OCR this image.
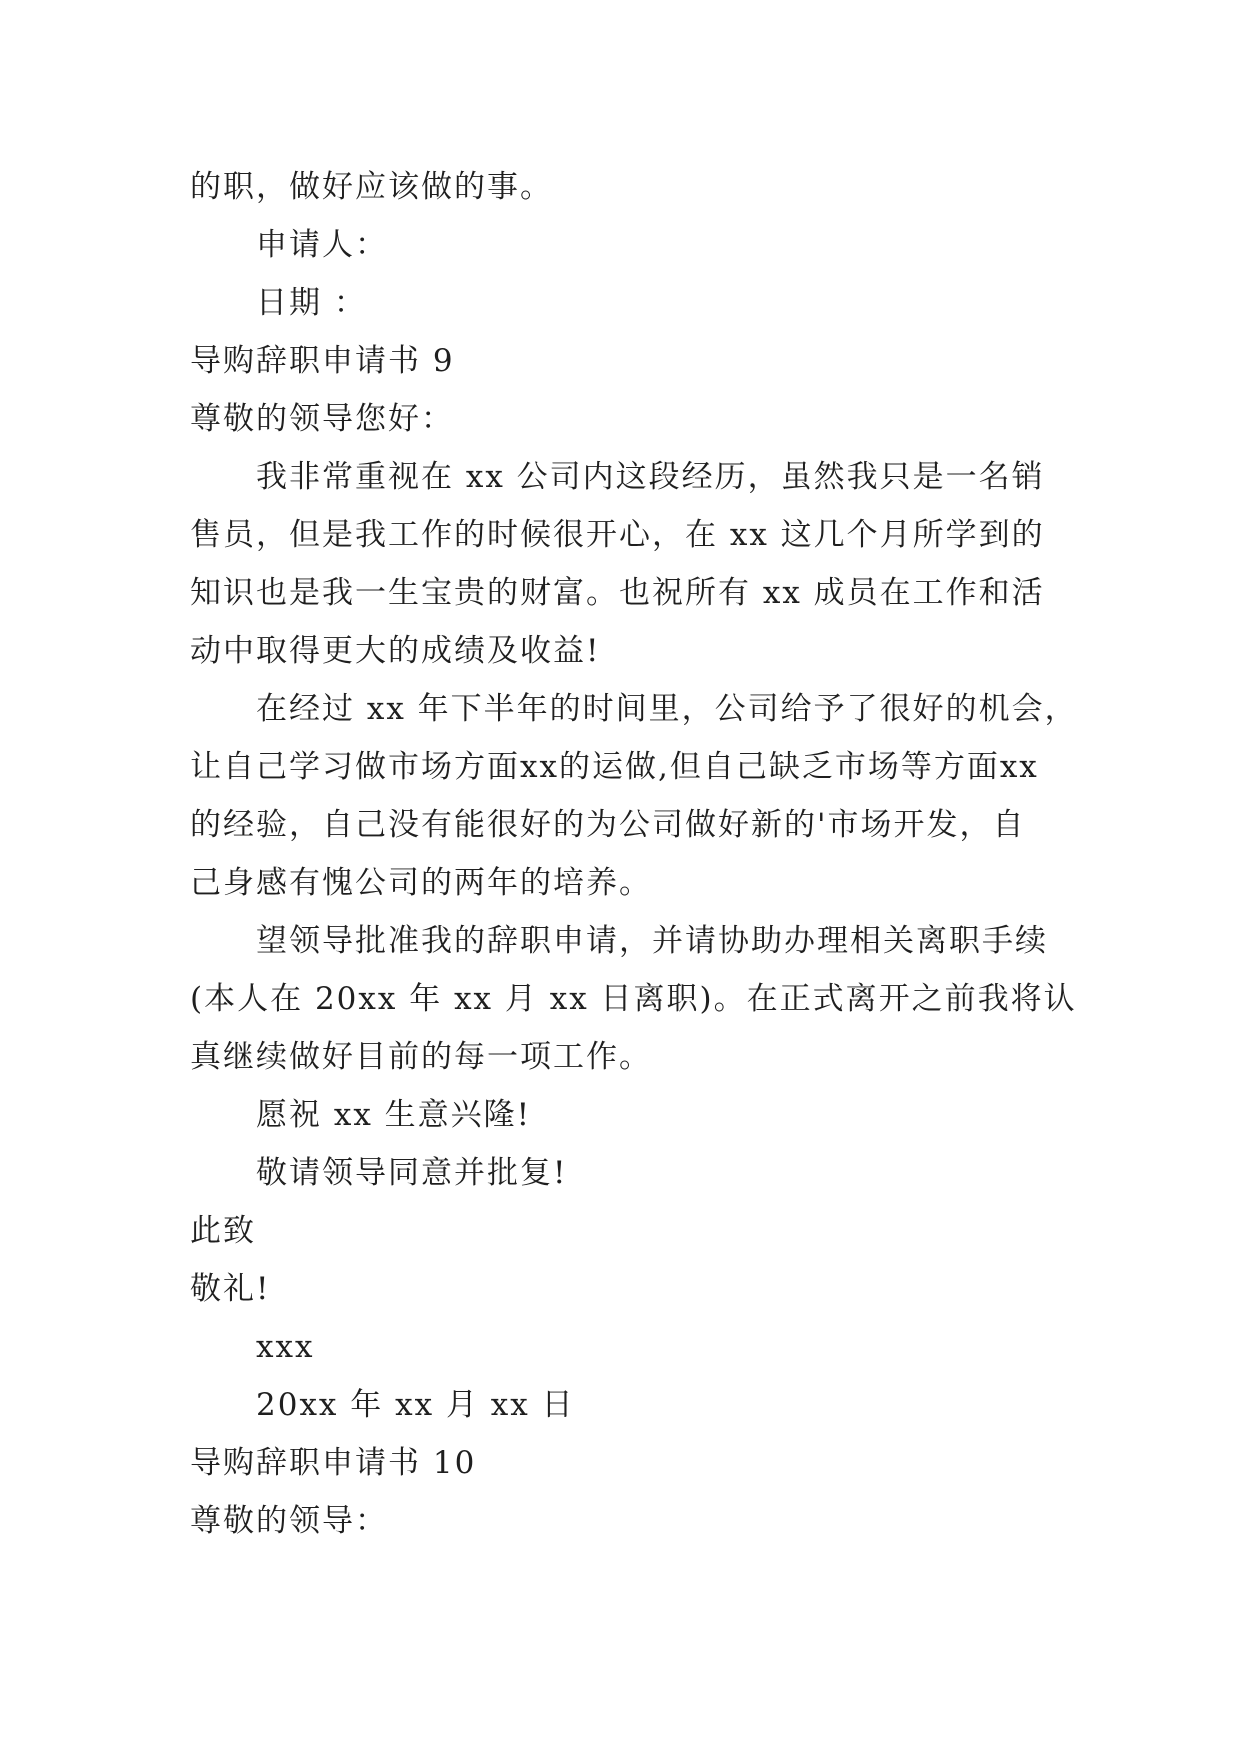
的职，做好应该做的事。
申请人：
日期 ：
导购辞职申请书 9
尊敬的领导您好：
我非常重视在 xx 公司内这段经历，虽然我只是一名销
售员，但是我工作的时候很开心，在 xx 这几个月所学到的
知识也是我一生宝贵的财富。也祝所有 xx 成员在工作和活
动中取得更大的成绩及收益!
在经过 xx 年下半年的时间里，公司给予了很好的机会，
让自己学习做市场方面xx的运做,但自己缺乏市场等方面xx
的经验，自己没有能很好的为公司做好新的'市场开发，自
己身感有愧公司的两年的培养。
望领导批准我的辞职申请，并请协助办理相关离职手续
(本人在 20xx 年 xx 月 xx 日离职)。在正式离开之前我将认
真继续做好目前的每一项工作。
愿祝 xx 生意兴隆!
敬请领导同意并批复!
此致
敬礼!
xxx
20xx 年 xx 月 xx 日
导购辞职申请书 10
尊敬的领导：
